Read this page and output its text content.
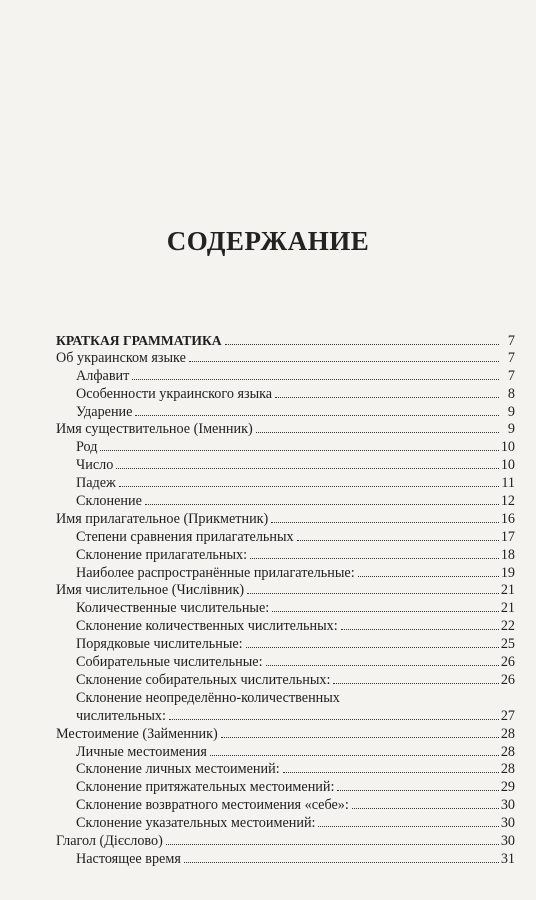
СОДЕРЖАНИЕ
КРАТКАЯ ГРАММАТИКА	7
Об украинском языке	7
Алфавит	7
Особенности украинского языка	8
Ударение	9
Имя существительное (Іменник)	9
Род	10
Число	10
Падеж	11
Склонение	12
Имя прилагательное (Прикметник)	16
Степени сравнения прилагательных	17
Склонение прилагательных:	18
Наиболее распространённые прилагательные:	19
Имя числительное (Числівник)	21
Количественные числительные:	21
Склонение количественных числительных:	22
Порядковые числительные:	25
Собирательные числительные:	26
Склонение собирательных числительных:	26
Склонение неопределённо-количественных
числительных:	27
Местоимение (Займенник)	28
Личные местоимения	28
Склонение личных местоимений:	28
Склонение притяжательных местоимений:	29
Склонение возвратного местоимения «себе»:	30
Склонение указательных местоимений:	30
Глагол (Дієслово)	30
Настоящее время	31
